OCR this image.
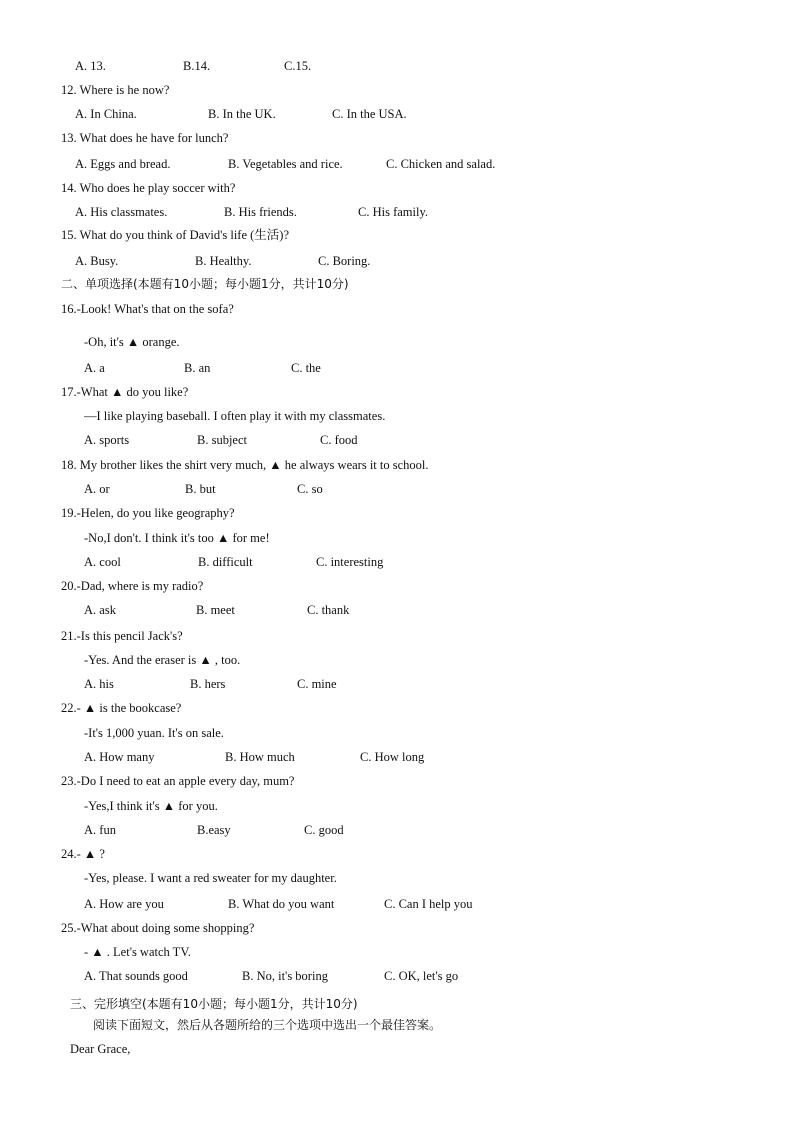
A. 13.	B.14.	C.15.
12. Where is he now?
A. In China.	B. In the UK.	C. In the USA.
13. What does he have for lunch?
A. Eggs and bread.	B. Vegetables and rice.	C. Chicken and salad.
14. Who does he play soccer with?
A. His classmates.	B. His friends.	C. His family.
15. What do you think of David's life (生活)?
A. Busy.	B. Healthy.	C. Boring.
二、单项选择(本题有10小题；每小题1分，共计10分)
16.-Look! What's that on the sofa?
-Oh, it's ▲ orange.
A. a	B. an	C. the
17.-What ▲ do you like?
—I like playing baseball. I often play it with my classmates.
A. sports	B. subject	C. food
18. My brother likes the shirt very much, ▲ he always wears it to school.
A. or	B. but	C. so
19.-Helen, do you like geography?
-No,I don't. I think it's too ▲ for me!
A. cool	B. difficult	C. interesting
20.-Dad, where is my radio?
A. ask	B. meet	C. thank
21.-Is this pencil Jack's?
-Yes. And the eraser is ▲ , too.
A. his	B. hers	C. mine
22.- ▲ is the bookcase?
-It's 1,000 yuan. It's on sale.
A. How many	B. How much	C. How long
23.-Do I need to eat an apple every day, mum?
-Yes,I think it's ▲ for you.
A. fun	B.easy	C. good
24.- ▲ ?
-Yes, please. I want a red sweater for my daughter.
A. How are you	B. What do you want	C. Can I help you
25.-What about doing some shopping?
- ▲ . Let's watch TV.
A. That sounds good	B. No, it's boring	C. OK, let's go
三、完形填空(本题有10小题；每小题1分，共计10分)
阅读下面短文，然后从各题所给的三个选项中选出一个最佳答案。
Dear Grace,
